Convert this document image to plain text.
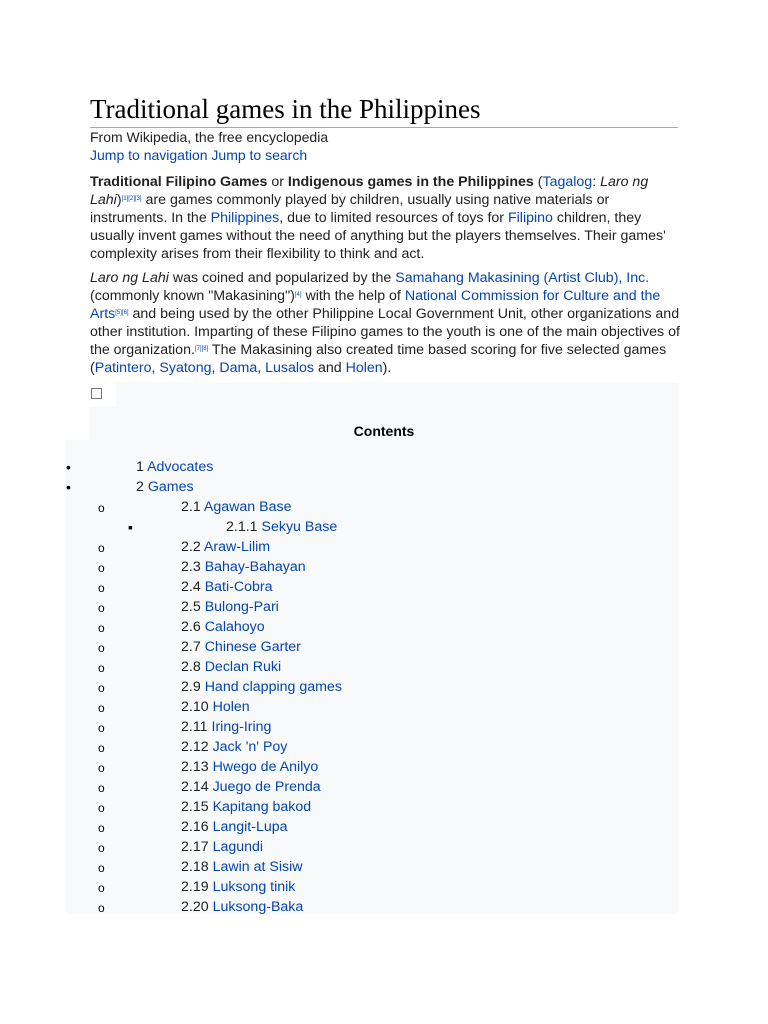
Traditional games in the Philippines
From Wikipedia, the free encyclopedia
Jump to navigation Jump to search

Traditional Filipino Games or Indigenous games in the Philippines (Tagalog: Laro ng Lahi)[1][2][3] are games commonly played by children, usually using native materials or instruments. In the Philippines, due to limited resources of toys for Filipino children, they usually invent games without the need of anything but the players themselves. Their games' complexity arises from their flexibility to think and act.

Laro ng Lahi was coined and popularized by the Samahang Makasining (Artist Club), Inc. (commonly known "Makasining")[4] with the help of National Commission for Culture and the Arts[5][6] and being used by the other Philippine Local Government Unit, other organizations and other institution. Imparting of these Filipino games to the youth is one of the main objectives of the organization.[7][8] The Makasining also created time based scoring for five selected games (Patintero, Syatong, Dama, Lusalos and Holen).

Contents
•	1 Advocates
•	2 Games
o	2.1 Agawan Base
▪	2.1.1 Sekyu Base
o	2.2 Araw-Lilim
o	2.3 Bahay-Bahayan
o	2.4 Bati-Cobra
o	2.5 Bulong-Pari
o	2.6 Calahoyo
o	2.7 Chinese Garter
o	2.8 Declan Ruki
o	2.9 Hand clapping games
o	2.10 Holen
o	2.11 Iring-Iring
o	2.12 Jack 'n' Poy
o	2.13 Hwego de Anilyo
o	2.14 Juego de Prenda
o	2.15 Kapitang bakod
o	2.16 Langit-Lupa
o	2.17 Lagundi
o	2.18 Lawin at Sisiw
o	2.19 Luksong tinik
o	2.20 Luksong-Baka
